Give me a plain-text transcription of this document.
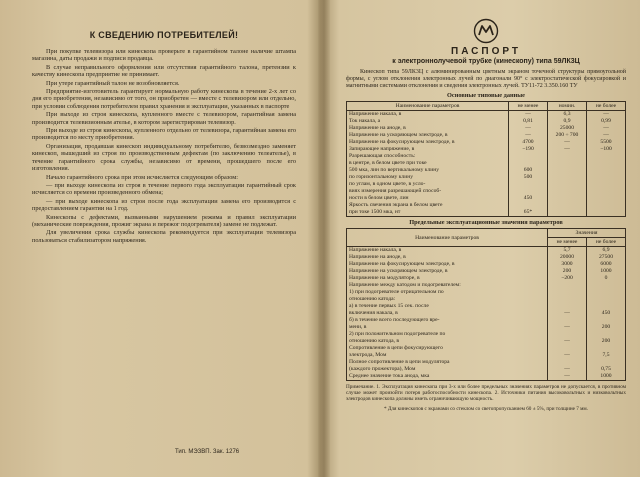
К СВЕДЕНИЮ ПОТРЕБИТЕЛЕЙ!

При покупке телевизора или кинескопа проверьте в гарантийном талоне наличие штампа магазина, даты продажи и подписи продавца.

В случае неправильного оформления или отсутствия гарантийного талона, претензии к качеству кинескопа предприятие не принимает.

При утере гарантийный талон не возобновляется.

Предприятие-изготовитель гарантирует нормальную работу кинескопа в течение 2-х лет со дня его приобретения, независимо от того, он приобретен — вместе с телевизором или отдельно, при условии соблюдения потребителем правил хранения и эксплуатации, указанных в паспорте

При выходе из строя кинескопа, купленного вместе с телевизором, гарантийная замена производится телевизионным ателье, в котором зарегистрирован телевизор.

При выходе из строя кинескопа, купленного отдельно от телевизора, гарантийная замена его производится по месту приобретения.

Организация, продавшая кинескоп индивидуальному потребителю, безвозмездно заменяет кинескоп, вышедший из строя по производственным дефектам (по заключению телеателье), в течение гарантийного срока службы, независимо от времени, прошедшего после его изготовления.

Начало гарантийного срока при этом исчисляется следующим образом:

— при выходе кинескопа из строя в течение первого года эксплуатации гарантийный срок исчисляется со времени произведенного обмена;

— при выходе кинескопа из строя после года эксплуатации замена его производится с предоставлением гарантии на 1 год.

Кинескопы с дефектами, вызванными нарушением режима и правил эксплуатации (механические повреждения, прожиг экрана и пережог подогревателя) замене не подлежат.

Для увеличения срока службы кинескопа рекомендуется при эксплуатации телевизора пользоваться стабилизатором напряжения.

Тип. МЭЗВП. Зак. 1276
ПАСПОРТ
к электроннолучевой трубке (кинескопу) типа 59ЛК3Ц
Кинескоп типа 59ЛК3Ц с алюминированным цветным экраном точечной структуры прямоугольной формы, с углом отклонения электронных лучей по диагонали 90° с электростатической фокусировкой и магнитными системами отклонения и сведения электронных лучей. ТУ11-72 3.350.160 ТУ
Основные типовые данные
Наименование параметров	не менее	номин.	не более
Напряжение накала, в	—	6,3	—
Ток накала, а	0,81	0,9	0,99
Напряжение на аноде, в	—	25000	—
Напряжение на ускоряющем электроде, в	—	200 ÷ 700	—
Напряжение на фокусирующем электроде, в	4700	—	5500
Запирающее напряжение, в	−190	—	−100
Разрешающая способность:			
в центре, в белом цвете при токе			
500 мка, лин по вертикальному клину	600		
по горизонтальному клину	500		
по углам, в одном цвете, в усло-			
виях измерения разрешающей способ-			
ности в белом цвете, лин	450		
Яркость свечения экрана в белом цвете			
при токе 1500 мка, нт	65*		
Предельные эксплуатационные значения параметров
Наименование параметров	Значения	
	не менее	не более
Напряжение накала, в	5,7	6,9
Напряжение на аноде, в	20000	27500
Напряжение на фокусирующем электроде, в	3000	6000
Напряжение на ускоряющем электроде, в	200	1000
Напряжение на модуляторе, в	−200	0
Напряжение между катодом и подогревателем:		
1) при подогревателе отрицательном по		
отношению катода:		
а) в течение первых 15 сек. после		
включения накала, в	—	450
б) в течение всего последующего вре-		
мени, в	—	200
2) при положительном подогревателе по		
отношению катода, в	—	200
Сопротивление в цепи фокусирующего		
электрода, Мом	—	7,5
Полное сопротивление в цепи модулятора		
(каждого прожектора), Мом	—	0,75
Среднее значение тока анода, мка	—	1000
Примечание. 1. Эксплуатация кинескопа при 3-х или более предельных значениях параметров не допускается, в противном случае может произойти потеря работоспособности кинескопа. 2. Источники питания высоковольтных и низковольтных электродов кинескопа должны иметь ограничивающую мощность.
* Для кинескопов с экранами со стеклом со светопропусканием 60 ± 5%, при толщине 7 мм.
